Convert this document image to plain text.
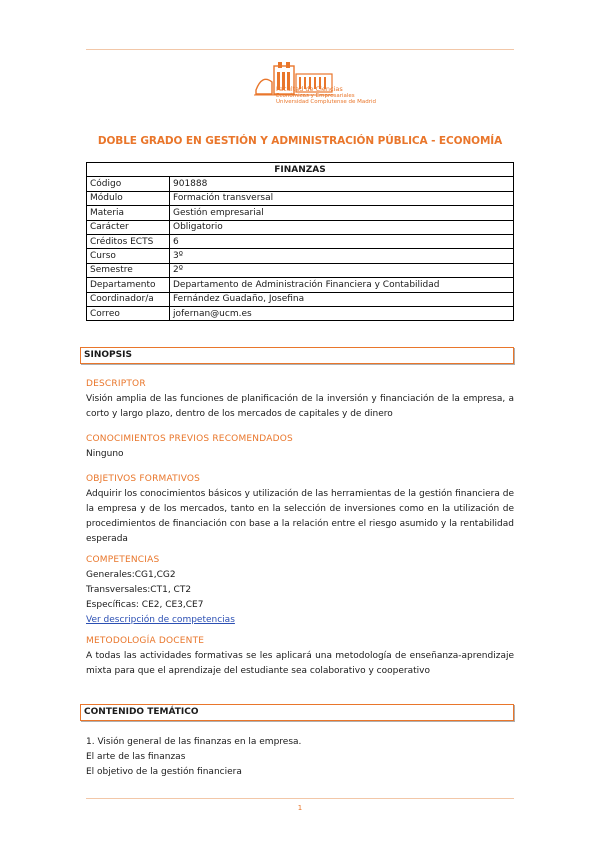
Facultad de Ciencias
Económicas y Empresariales
Universidad Complutense de Madrid
DOBLE GRADO EN GESTIÓN Y ADMINISTRACIÓN PÚBLICA - ECONOMÍA
FINANZAS	
Código	901888
Módulo	Formación transversal
Materia	Gestión empresarial
Carácter	Obligatorio
Créditos ECTS	6
Curso	3º
Semestre	2º
Departamento	Departamento de Administración Financiera y Contabilidad
Coordinador/a	Fernández Guadaño, Josefina
Correo	jofernan@ucm.es
SINOPSIS
DESCRIPTOR
Visión amplia de las funciones de planificación de la inversión y financiación de la empresa, a corto y largo plazo, dentro de los mercados de capitales y de dinero
CONOCIMIENTOS PREVIOS RECOMENDADOS
Ninguno
OBJETIVOS FORMATIVOS
Adquirir los conocimientos básicos y utilización de las herramientas de la gestión financiera de la empresa y de los mercados, tanto en la selección de inversiones como en la utilización de procedimientos de financiación con base a la relación entre el riesgo asumido y la rentabilidad esperada
COMPETENCIAS
Generales:CG1,CG2
Transversales:CT1, CT2
Específicas: CE2, CE3,CE7
Ver descripción de competencias
METODOLOGÍA DOCENTE
A todas las actividades formativas se les aplicará una metodología de enseñanza-aprendizaje mixta para que el aprendizaje del estudiante sea colaborativo y cooperativo
CONTENIDO TEMÁTICO
1. Visión general de las finanzas en la empresa.
El arte de las finanzas
El objetivo de la gestión financiera
1
